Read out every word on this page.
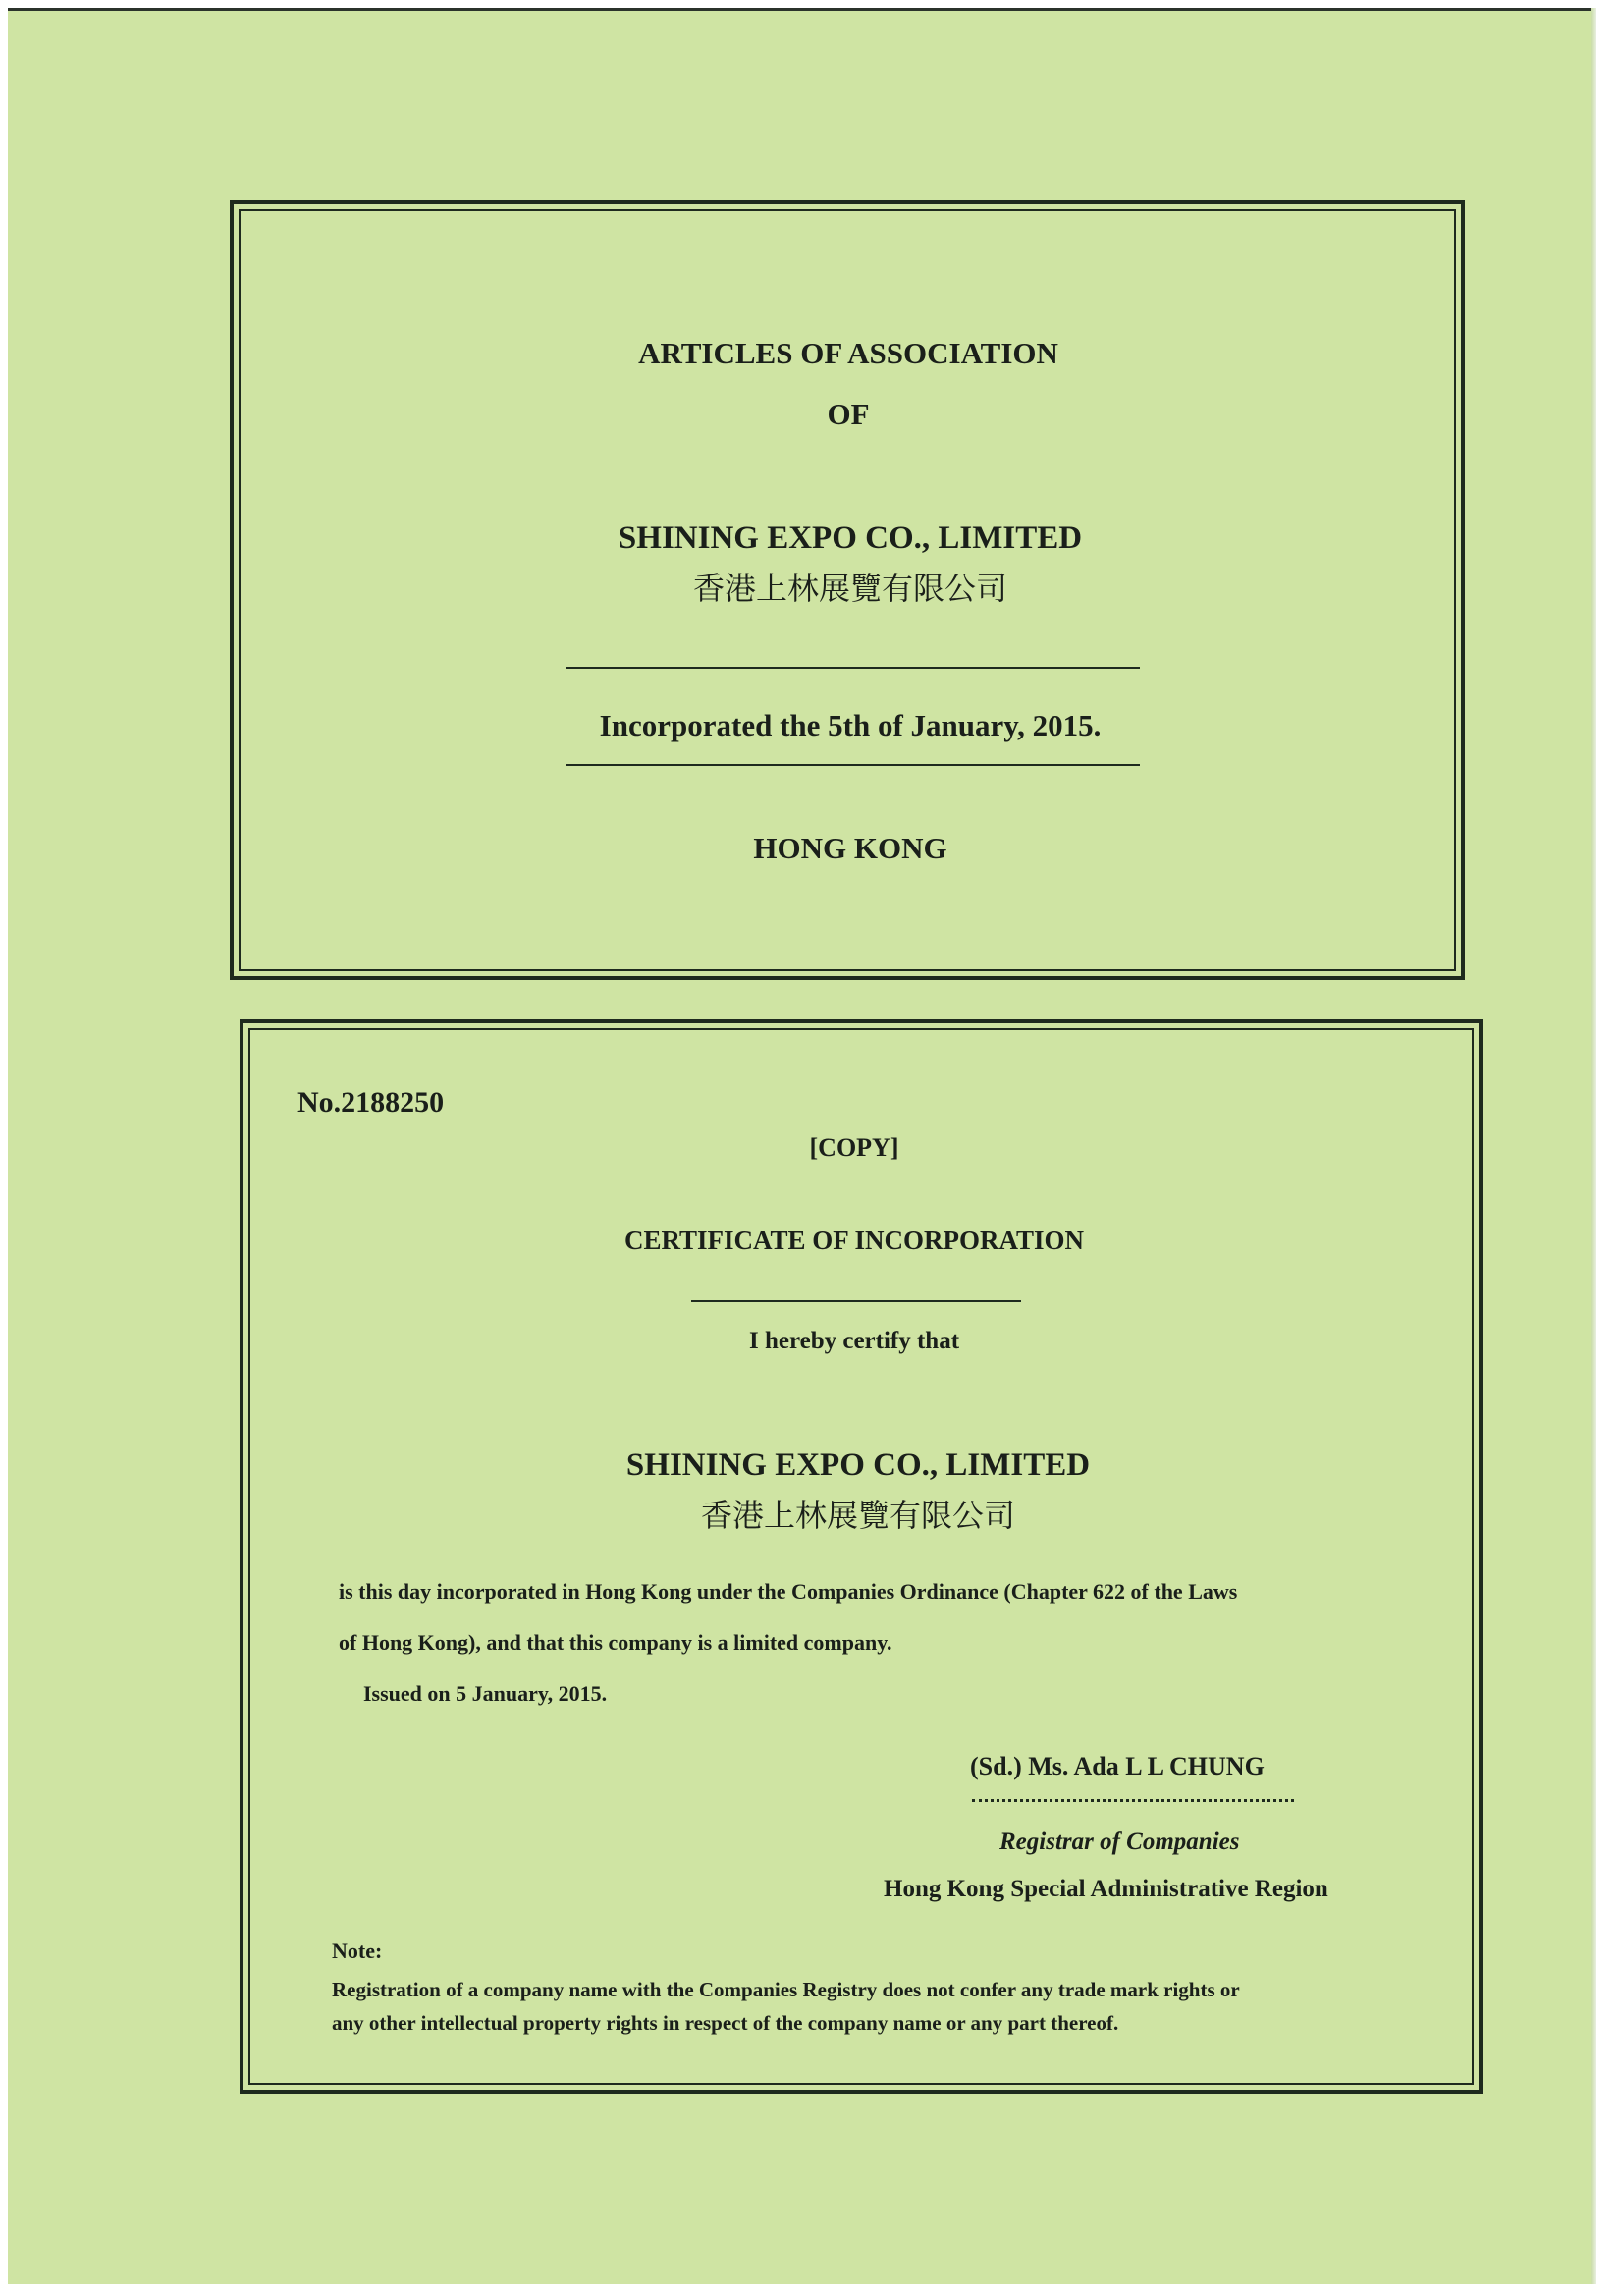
ARTICLES OF ASSOCIATION
OF
SHINING EXPO CO., LIMITED
香港上林展覽有限公司
Incorporated the 5th of January, 2015.
HONG KONG
No.2188250
[COPY]
CERTIFICATE OF INCORPORATION
I hereby certify that
SHINING EXPO CO., LIMITED
香港上林展覽有限公司
is this day incorporated in Hong Kong under the Companies Ordinance (Chapter 622 of the Laws
of Hong Kong), and that this company is a limited company.
Issued on 5 January, 2015.
(Sd.) Ms. Ada L L CHUNG
Registrar of Companies
Hong Kong Special Administrative Region
Note:
Registration of a company name with the Companies Registry does not confer any trade mark rights or
any other intellectual property rights in respect of the company name or any part thereof.
